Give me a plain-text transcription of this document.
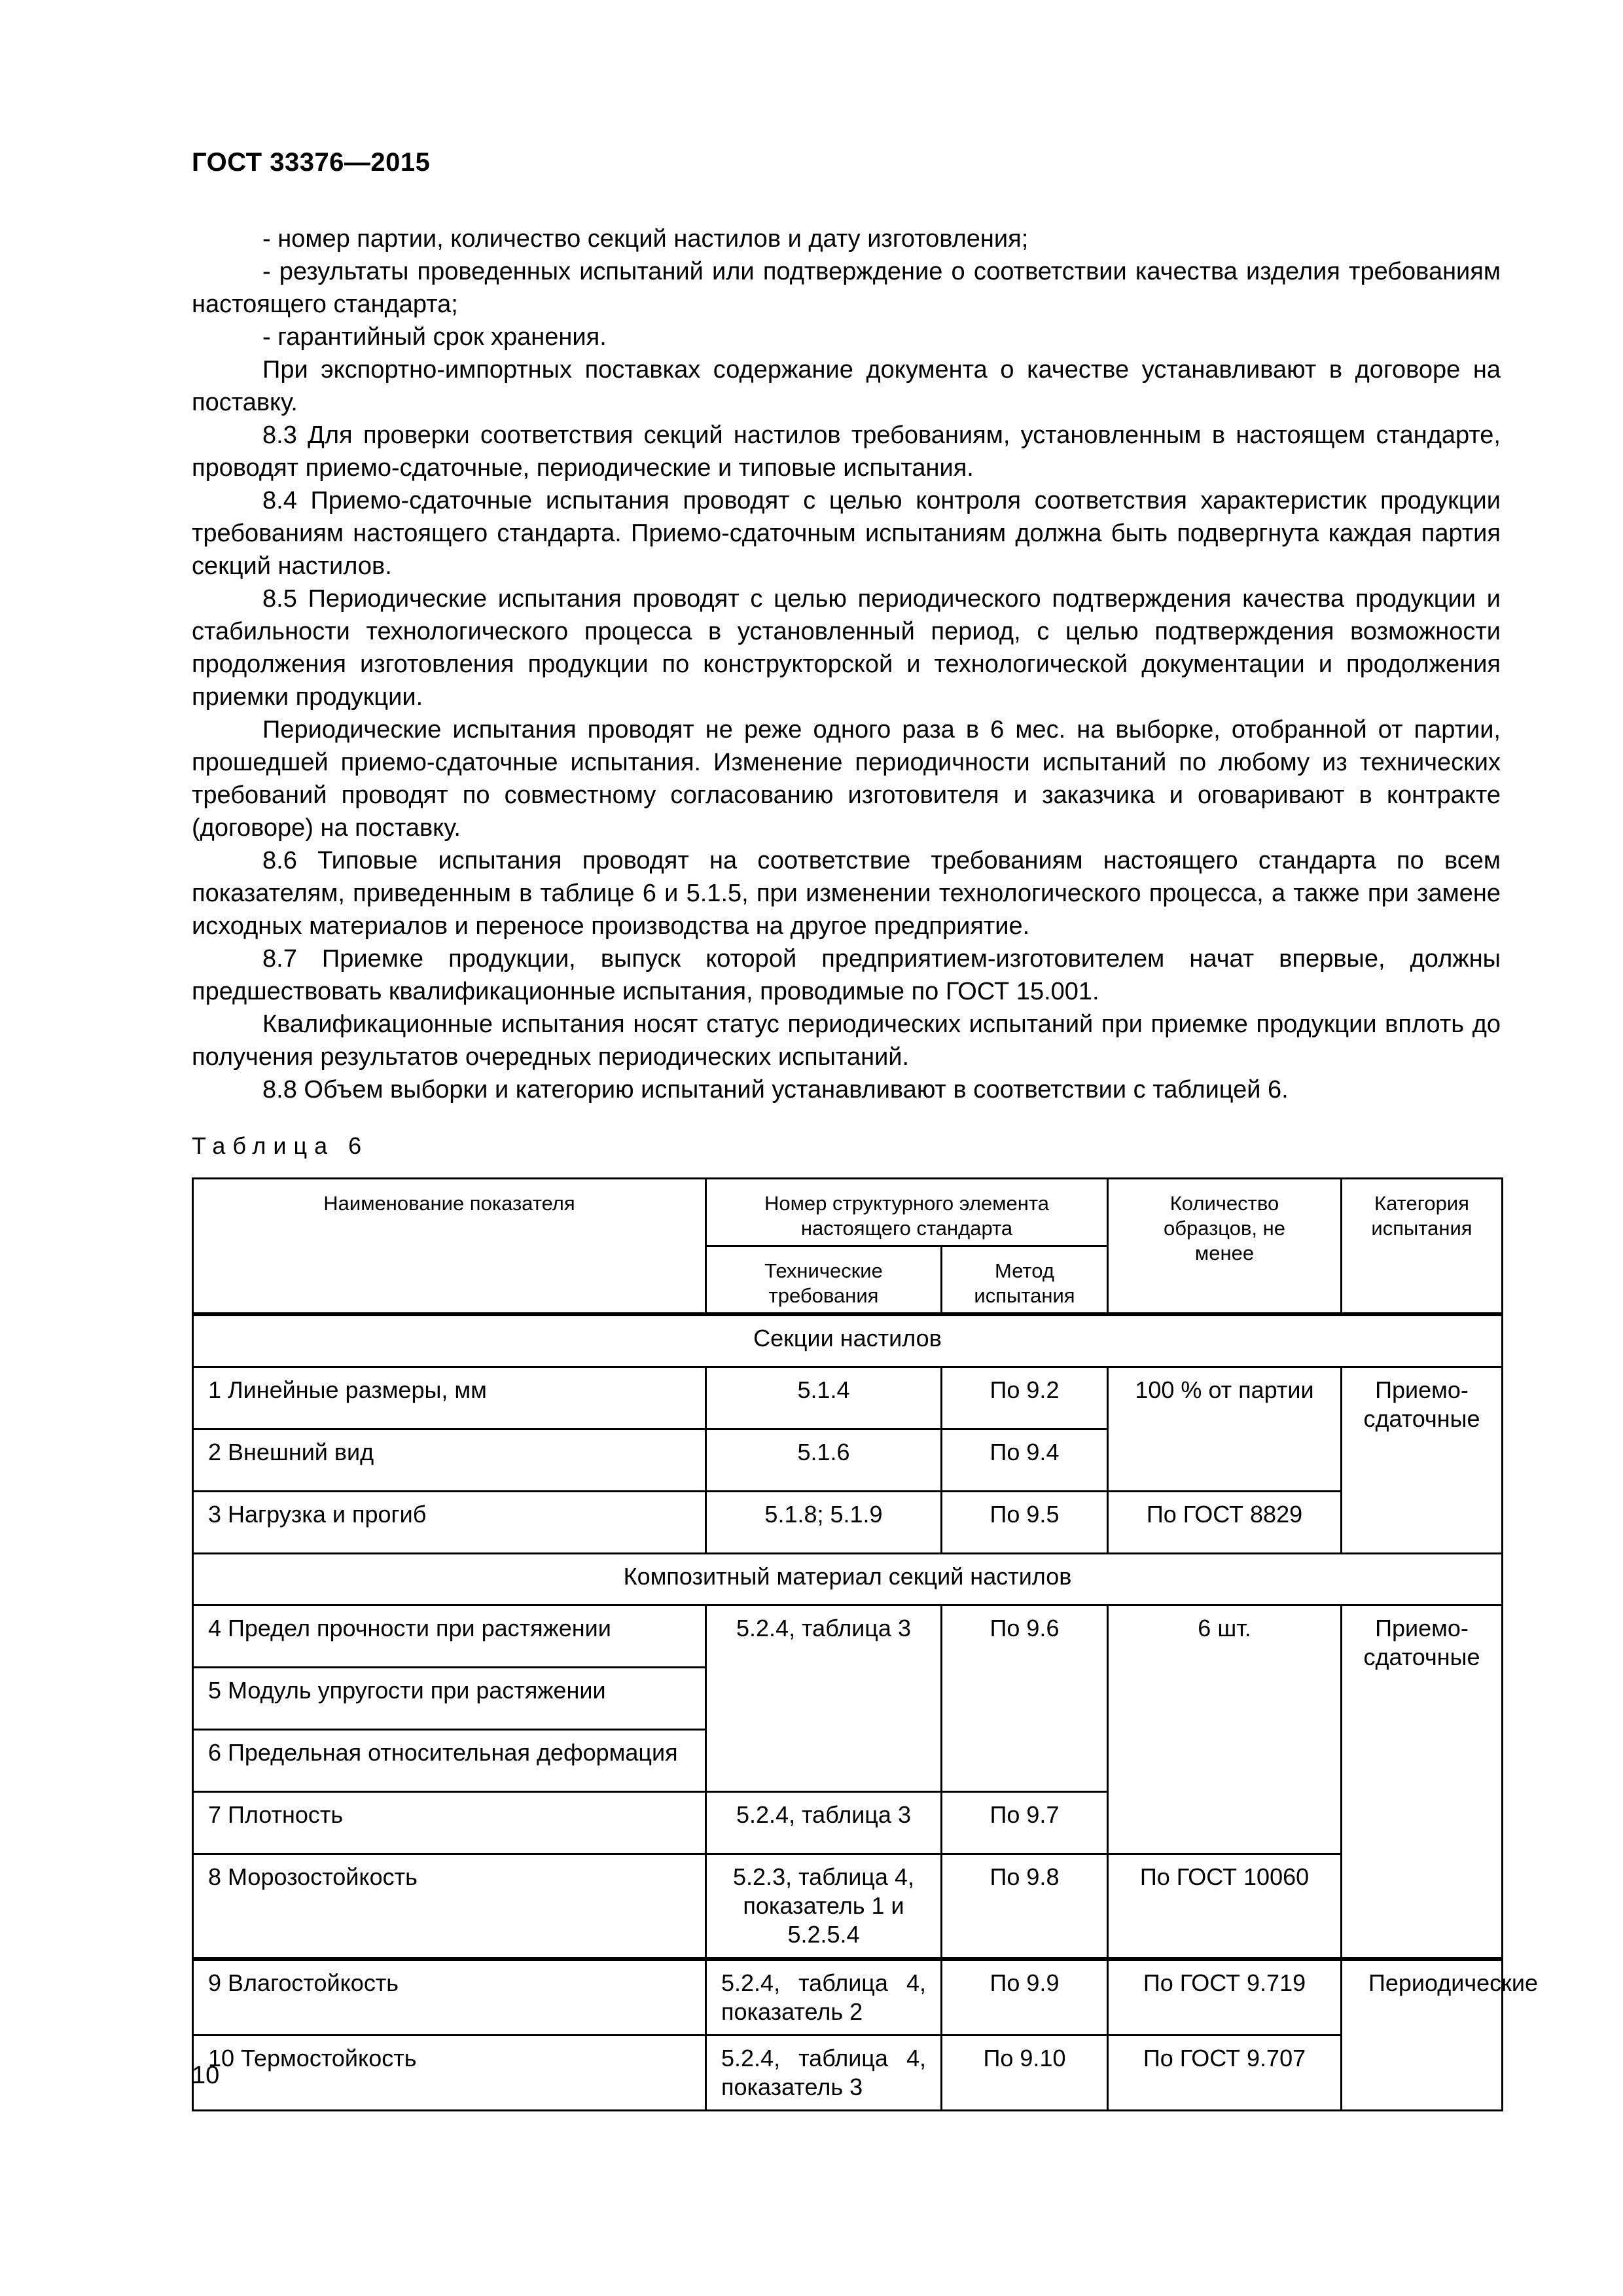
ГОСТ 33376—2015

- номер партии, количество секций настилов и дату изготовления;

- результаты проведенных испытаний или подтверждение о соответствии качества изделия требованиям настоящего стандарта;

- гарантийный срок хранения.

При экспортно-импортных поставках содержание документа о качестве устанавливают в договоре на поставку.

8.3 Для проверки соответствия секций настилов требованиям, установленным в настоящем стандарте, проводят приемо-сдаточные, периодические и типовые испытания.

8.4 Приемо-сдаточные испытания проводят с целью контроля соответствия характеристик продукции требованиям настоящего стандарта. Приемо-сдаточным испытаниям должна быть подвергнута каждая партия секций настилов.

8.5 Периодические испытания проводят с целью периодического подтверждения качества продукции и стабильности технологического процесса в установленный период, с целью подтверждения возможности продолжения изготовления продукции по конструкторской и технологической документации и продолжения приемки продукции.

Периодические испытания проводят не реже одного раза в 6 мес. на выборке, отобранной от партии, прошедшей приемо-сдаточные испытания. Изменение периодичности испытаний по любому из технических требований проводят по совместному согласованию изготовителя и заказчика и оговаривают в контракте (договоре) на поставку.

8.6 Типовые испытания проводят на соответствие требованиям настоящего стандарта по всем показателям, приведенным в таблице 6 и 5.1.5, при изменении технологического процесса, а также при замене исходных материалов и переносе производства на другое предприятие.

8.7 Приемке продукции, выпуск которой предприятием-изготовителем начат впервые, должны предшествовать квалификационные испытания, проводимые по ГОСТ 15.001.

Квалификационные испытания носят статус периодических испытаний при приемке продукции вплоть до получения результатов очередных периодических испытаний.

8.8 Объем выборки и категорию испытаний устанавливают в соответствии с таблицей 6.

Таблица 6
Наименование показателя	Номер структурного элемента настоящего стандарта		Количество образцов, не менее	Категория испытания
	Технические требования	Метод испытания		
Секции настилов				
1 Линейные размеры, мм	5.1.4	По 9.2	100 % от партии	Приемо-сдаточные
2 Внешний вид	5.1.6	По 9.4		
3 Нагрузка и прогиб	5.1.8; 5.1.9	По 9.5	По ГОСТ 8829	
Композитный материал секций настилов				
4 Предел прочности при растяжении	5.2.4, таблица 3	По 9.6	6 шт.	Приемо-сдаточные
5 Модуль упругости при растяжении				
6 Предельная относительная деформация				
7 Плотность	5.2.4, таблица 3	По 9.7		
8 Морозостойкость	5.2.3, таблица 4, показатель 1 и 5.2.5.4	По 9.8	По ГОСТ 10060	
9 Влагостойкость	5.2.4, таблица 4, показатель 2	По 9.9	По ГОСТ 9.719	Периодические
10 Термостойкость	5.2.4, таблица 4, показатель 3	По 9.10	По ГОСТ 9.707	
10
